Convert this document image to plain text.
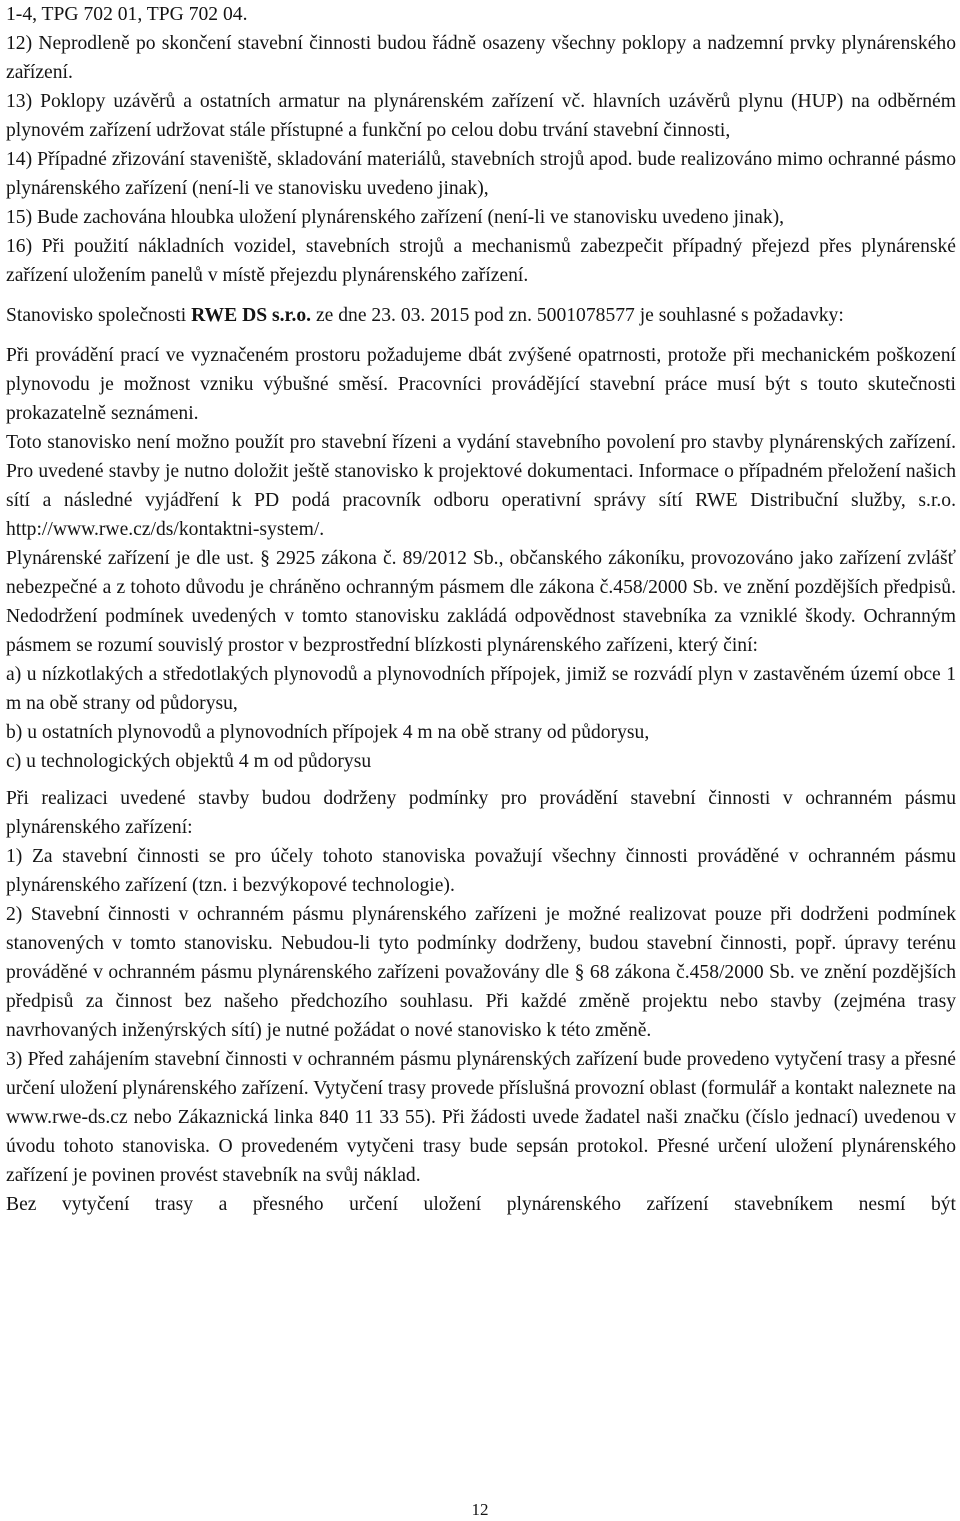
1-4, TPG 702 01, TPG 702 04.

12) Neprodleně po skončení stavební činnosti budou řádně osazeny všechny poklopy a nadzemní prvky plynárenského zařízení.

13) Poklopy uzávěrů a ostatních armatur na plynárenském zařízení vč. hlavních uzávěrů plynu (HUP) na odběrném plynovém zařízení udržovat stále přístupné a funkční po celou dobu trvání stavební činnosti,

14) Případné zřizování staveniště, skladování materiálů, stavebních strojů apod. bude realizováno mimo ochranné pásmo plynárenského zařízení (není-li ve stanovisku uvedeno jinak),

15) Bude zachována hloubka uložení plynárenského zařízení (není-li ve stanovisku uvedeno jinak),

16) Při použití nákladních vozidel, stavebních strojů a mechanismů zabezpečit případný přejezd přes plynárenské zařízení uložením panelů v místě přejezdu plynárenského zařízení.

Stanovisko společnosti RWE DS s.r.o. ze dne 23. 03. 2015 pod zn. 5001078577 je souhlasné s požadavky:

Při provádění prací ve vyznačeném prostoru požadujeme dbát zvýšené opatrnosti, protože při mechanickém poškození plynovodu je možnost vzniku výbušné směsí. Pracovníci provádějící stavební práce musí být s touto skutečnosti prokazatelně seznámeni.

Toto stanovisko není možno použít pro stavební řízeni a vydání stavebního povolení pro stavby plynárenských zařízení. Pro uvedené stavby je nutno doložit ještě stanovisko k projektové dokumentaci. Informace o případném přeložení našich sítí a následné vyjádření k PD podá pracovník odboru operativní správy sítí RWE Distribuční služby, s.r.o.

http://www.rwe.cz/ds/kontaktni-system/.

Plynárenské zařízení je dle ust. § 2925 zákona č. 89/2012 Sb., občanského zákoníku, provozováno jako zařízení zvlášť nebezpečné a z tohoto důvodu je chráněno ochranným pásmem dle zákona č.458/2000 Sb. ve znění pozdějších předpisů. Nedodržení podmínek uvedených v tomto stanovisku zakládá odpovědnost stavebníka za vzniklé škody. Ochranným pásmem se rozumí souvislý prostor v bezprostřední blízkosti plynárenského zařízeni, který činí:

a) u nízkotlakých a středotlakých plynovodů a plynovodních přípojek, jimiž se rozvádí plyn v zastavěném území obce 1 m na obě strany od půdorysu,

b) u ostatních plynovodů a plynovodních přípojek 4 m na obě strany od půdorysu,

c) u technologických objektů 4 m od půdorysu

Při realizaci uvedené stavby budou dodrženy podmínky pro provádění stavební činnosti v ochranném pásmu plynárenského zařízení:

1) Za stavební činnosti se pro účely tohoto stanoviska považují všechny činnosti prováděné v ochranném pásmu plynárenského zařízení (tzn. i bezvýkopové technologie).

2) Stavební činnosti v ochranném pásmu plynárenského zařízeni je možné realizovat pouze při dodrženi podmínek stanovených v tomto stanovisku. Nebudou-li tyto podmínky dodrženy, budou stavební činnosti, popř. úpravy terénu prováděné v ochranném pásmu plynárenského zařízeni považovány dle § 68 zákona č.458/2000 Sb. ve znění pozdějších předpisů za činnost bez našeho předchozího souhlasu. Při každé změně projektu nebo stavby (zejména trasy navrhovaných inženýrských sítí) je nutné požádat o nové stanovisko k této změně.

3) Před zahájením stavební činnosti v ochranném pásmu plynárenských zařízení bude provedeno vytyčení trasy a přesné určení uložení plynárenského zařízení. Vytyčení trasy provede příslušná provozní oblast (formulář a kontakt naleznete na www.rwe-ds.cz nebo Zákaznická linka 840 11 33 55). Při žádosti uvede žadatel naši značku (číslo jednací) uvedenou v úvodu tohoto stanoviska. O provedeném vytyčeni trasy bude sepsán protokol. Přesné určení uložení plynárenského zařízení je povinen provést stavebník na svůj náklad.

Bez vytyčení trasy a přesného určení uložení plynárenského zařízení stavebníkem nesmí být

12
